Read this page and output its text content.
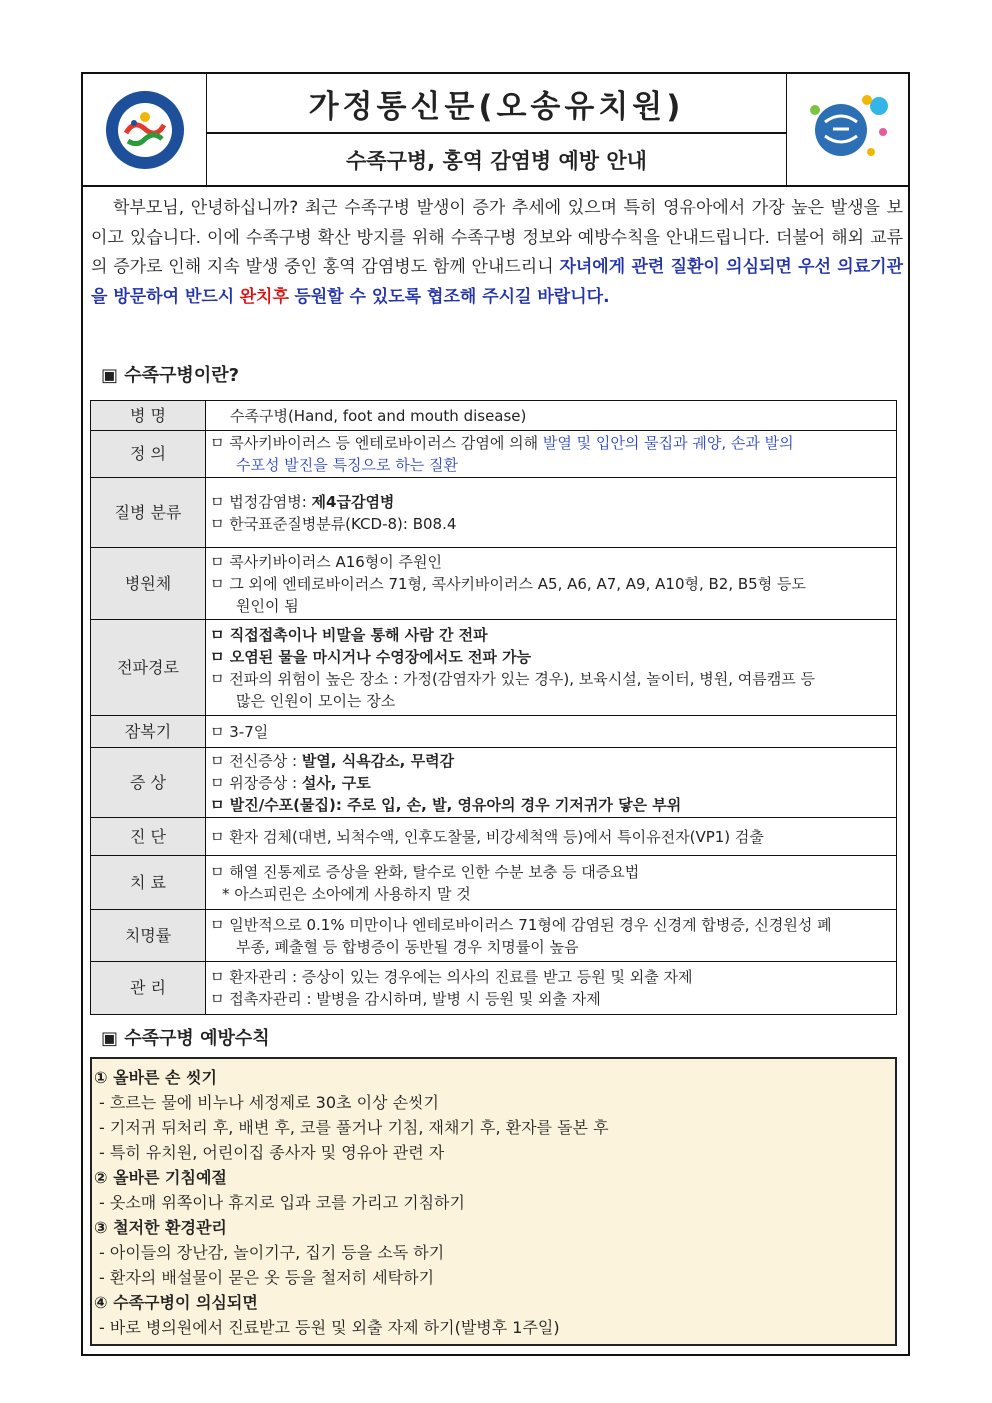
가정통신문(오송유치원)
수족구병, 홍역 감염병 예방 안내
학부모님, 안녕하십니까? 최근 수족구병 발생이 증가 추세에 있으며 특히 영유아에서 가장 높은 발생을 보이고 있습니다. 이에 수족구병 확산 방지를 위해 수족구병 정보와 예방수칙을 안내드립니다. 더불어 해외 교류의 증가로 인해 지속 발생 중인 홍역 감염병도 함께 안내드리니 자녀에게 관련 질환이 의심되면 우선 의료기관을 방문하여 반드시 완치후 등원할 수 있도록 협조해 주시길 바랍니다.
▣ 수족구병이란?
병 명	수족구병(Hand, foot and mouth disease)
정 의	ㅁ 콕사키바이러스 등 엔테로바이러스 감염에 의해 발열 및 입안의 물집과 궤양, 손과 발의
수포성 발진을 특징으로 하는 질환

질병 분류	ㅁ 법정감염병: 제4급감염병
ㅁ 한국표준질병분류(KCD-8): B08.4

병원체	ㅁ 콕사키바이러스 A16형이 주원인
ㅁ 그 외에 엔테로바이러스 71형, 콕사키바이러스 A5, A6, A7, A9, A10형, B2, B5형 등도
원인이 됨

전파경로	ㅁ 직접접촉이나 비말을 통해 사람 간 전파
ㅁ 오염된 물을 마시거나 수영장에서도 전파 가능
ㅁ 전파의 위험이 높은 장소 : 가정(감염자가 있는 경우), 보육시설, 놀이터, 병원, 여름캠프 등
많은 인원이 모이는 장소

잠복기	ㅁ 3-7일
증 상	ㅁ 전신증상 : 발열, 식욕감소, 무력감
ㅁ 위장증상 : 설사, 구토
ㅁ 발진/수포(물집): 주로 입, 손, 발, 영유아의 경우 기저귀가 닿은 부위

진 단	ㅁ 환자 검체(대변, 뇌척수액, 인후도찰물, 비강세척액 등)에서 특이유전자(VP1) 검출
치 료	ㅁ 해열 진통제로 증상을 완화, 탈수로 인한 수분 보충 등 대증요법
* 아스피린은 소아에게 사용하지 말 것

치명률	ㅁ 일반적으로 0.1% 미만이나 엔테로바이러스 71형에 감염된 경우 신경계 합병증, 신경원성 폐
부종, 폐출혈 등 합병증이 동반될 경우 치명률이 높음

관 리	ㅁ 환자관리 : 증상이 있는 경우에는 의사의 진료를 받고 등원 및 외출 자제
ㅁ 접촉자관리 : 발병을 감시하며, 발병 시 등원 및 외출 자제
▣ 수족구병 예방수칙
① 올바른 손 씻기
- 흐르는 물에 비누나 세정제로 30초 이상 손씻기
- 기저귀 뒤처리 후, 배변 후, 코를 풀거나 기침, 재채기 후, 환자를 돌본 후
- 특히 유치원, 어린이집 종사자 및 영유아 관련 자
② 올바른 기침예절
- 옷소매 위쪽이나 휴지로 입과 코를 가리고 기침하기
③ 철저한 환경관리
- 아이들의 장난감, 놀이기구, 집기 등을 소독 하기
- 환자의 배설물이 묻은 옷 등을 철저히 세탁하기
④ 수족구병이 의심되면
- 바로 병의원에서 진료받고 등원 및 외출 자제 하기(발병후 1주일)
